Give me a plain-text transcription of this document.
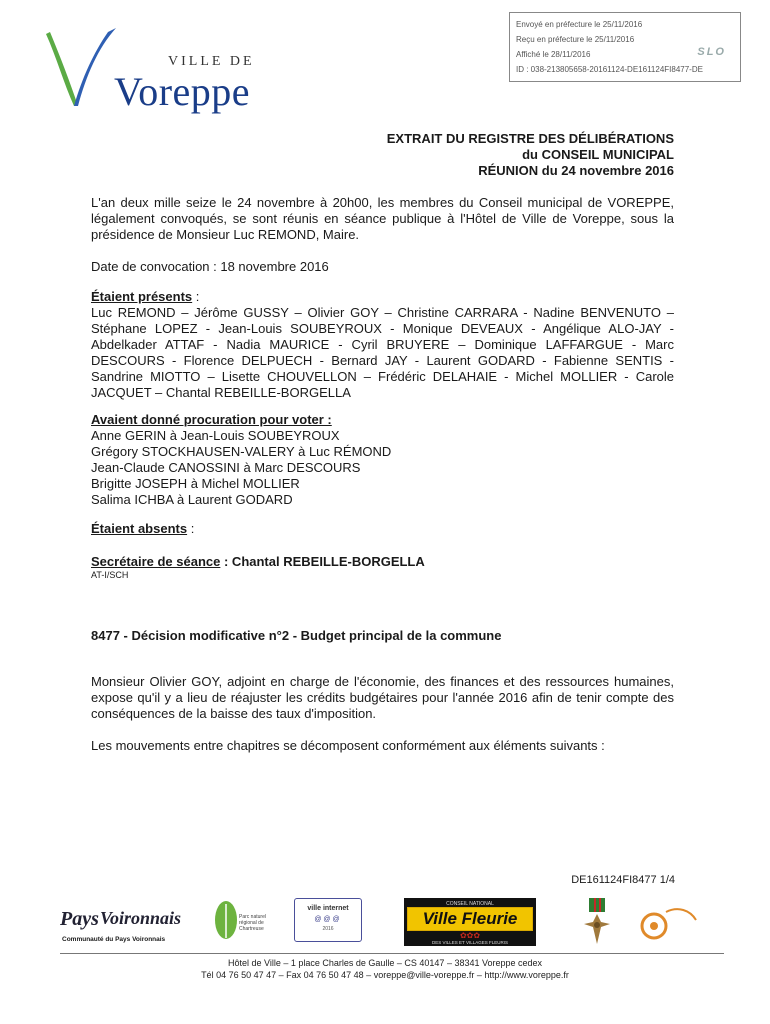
VILLE DE
Voreppe
Envoyé en préfecture le 25/11/2016
Reçu en préfecture le 25/11/2016
Affiché le 28/11/2016
ID : 038-213805658-20161124-DE161124FI8477-DE
SLO
EXTRAIT DU REGISTRE DES DÉLIBÉRATIONS
du CONSEIL MUNICIPAL
RÉUNION du 24 novembre 2016
L'an deux mille seize le 24 novembre à 20h00, les membres du Conseil municipal de VOREPPE, légalement convoqués, se sont réunis en séance publique à l'Hôtel de Ville de Voreppe, sous la présidence de Monsieur Luc REMOND, Maire.
Date de convocation : 18 novembre 2016
Étaient présents :
Luc REMOND – Jérôme GUSSY – Olivier GOY – Christine CARRARA - Nadine BENVENUTO – Stéphane LOPEZ - Jean-Louis SOUBEYROUX - Monique DEVEAUX - Angélique ALO-JAY - Abdelkader ATTAF - Nadia MAURICE - Cyril BRUYERE – Dominique LAFFARGUE - Marc DESCOURS - Florence DELPUECH - Bernard JAY - Laurent GODARD - Fabienne SENTIS - Sandrine MIOTTO – Lisette CHOUVELLON – Frédéric DELAHAIE - Michel MOLLIER - Carole JACQUET – Chantal REBEILLE-BORGELLA
Avaient donné procuration pour voter :
Anne GERIN à Jean-Louis SOUBEYROUX
Grégory STOCKHAUSEN-VALERY à Luc RÉMOND
Jean-Claude CANOSSINI à Marc DESCOURS
Brigitte JOSEPH à Michel MOLLIER
Salima ICHBA à Laurent GODARD
Étaient absents :
Secrétaire de séance : Chantal REBEILLE-BORGELLA
AT-I/SCH
8477 - Décision modificative n°2 - Budget principal de la commune
Monsieur Olivier GOY, adjoint en charge de l'économie, des finances et des ressources humaines, expose qu'il y a lieu de réajuster les crédits budgétaires pour l'année 2016 afin de tenir compte des conséquences de la baisse des taux d'imposition.
Les mouvements entre chapitres se décomposent conformément aux éléments suivants :
DE161124FI8477 1/4
Pays Voironnais
Communauté du Pays Voironnais
Parc naturel régional de Chartreuse
ville internet
@@@
2016
CONSEIL NATIONAL
Ville Fleurie
✿✿✿
DES VILLES ET VILLAGES FLEURIS
Hôtel de Ville – 1 place Charles de Gaulle – CS 40147 – 38341 Voreppe cedex
Tél 04 76 50 47 47 – Fax 04 76 50 47 48 – voreppe@ville-voreppe.fr – http://www.voreppe.fr
